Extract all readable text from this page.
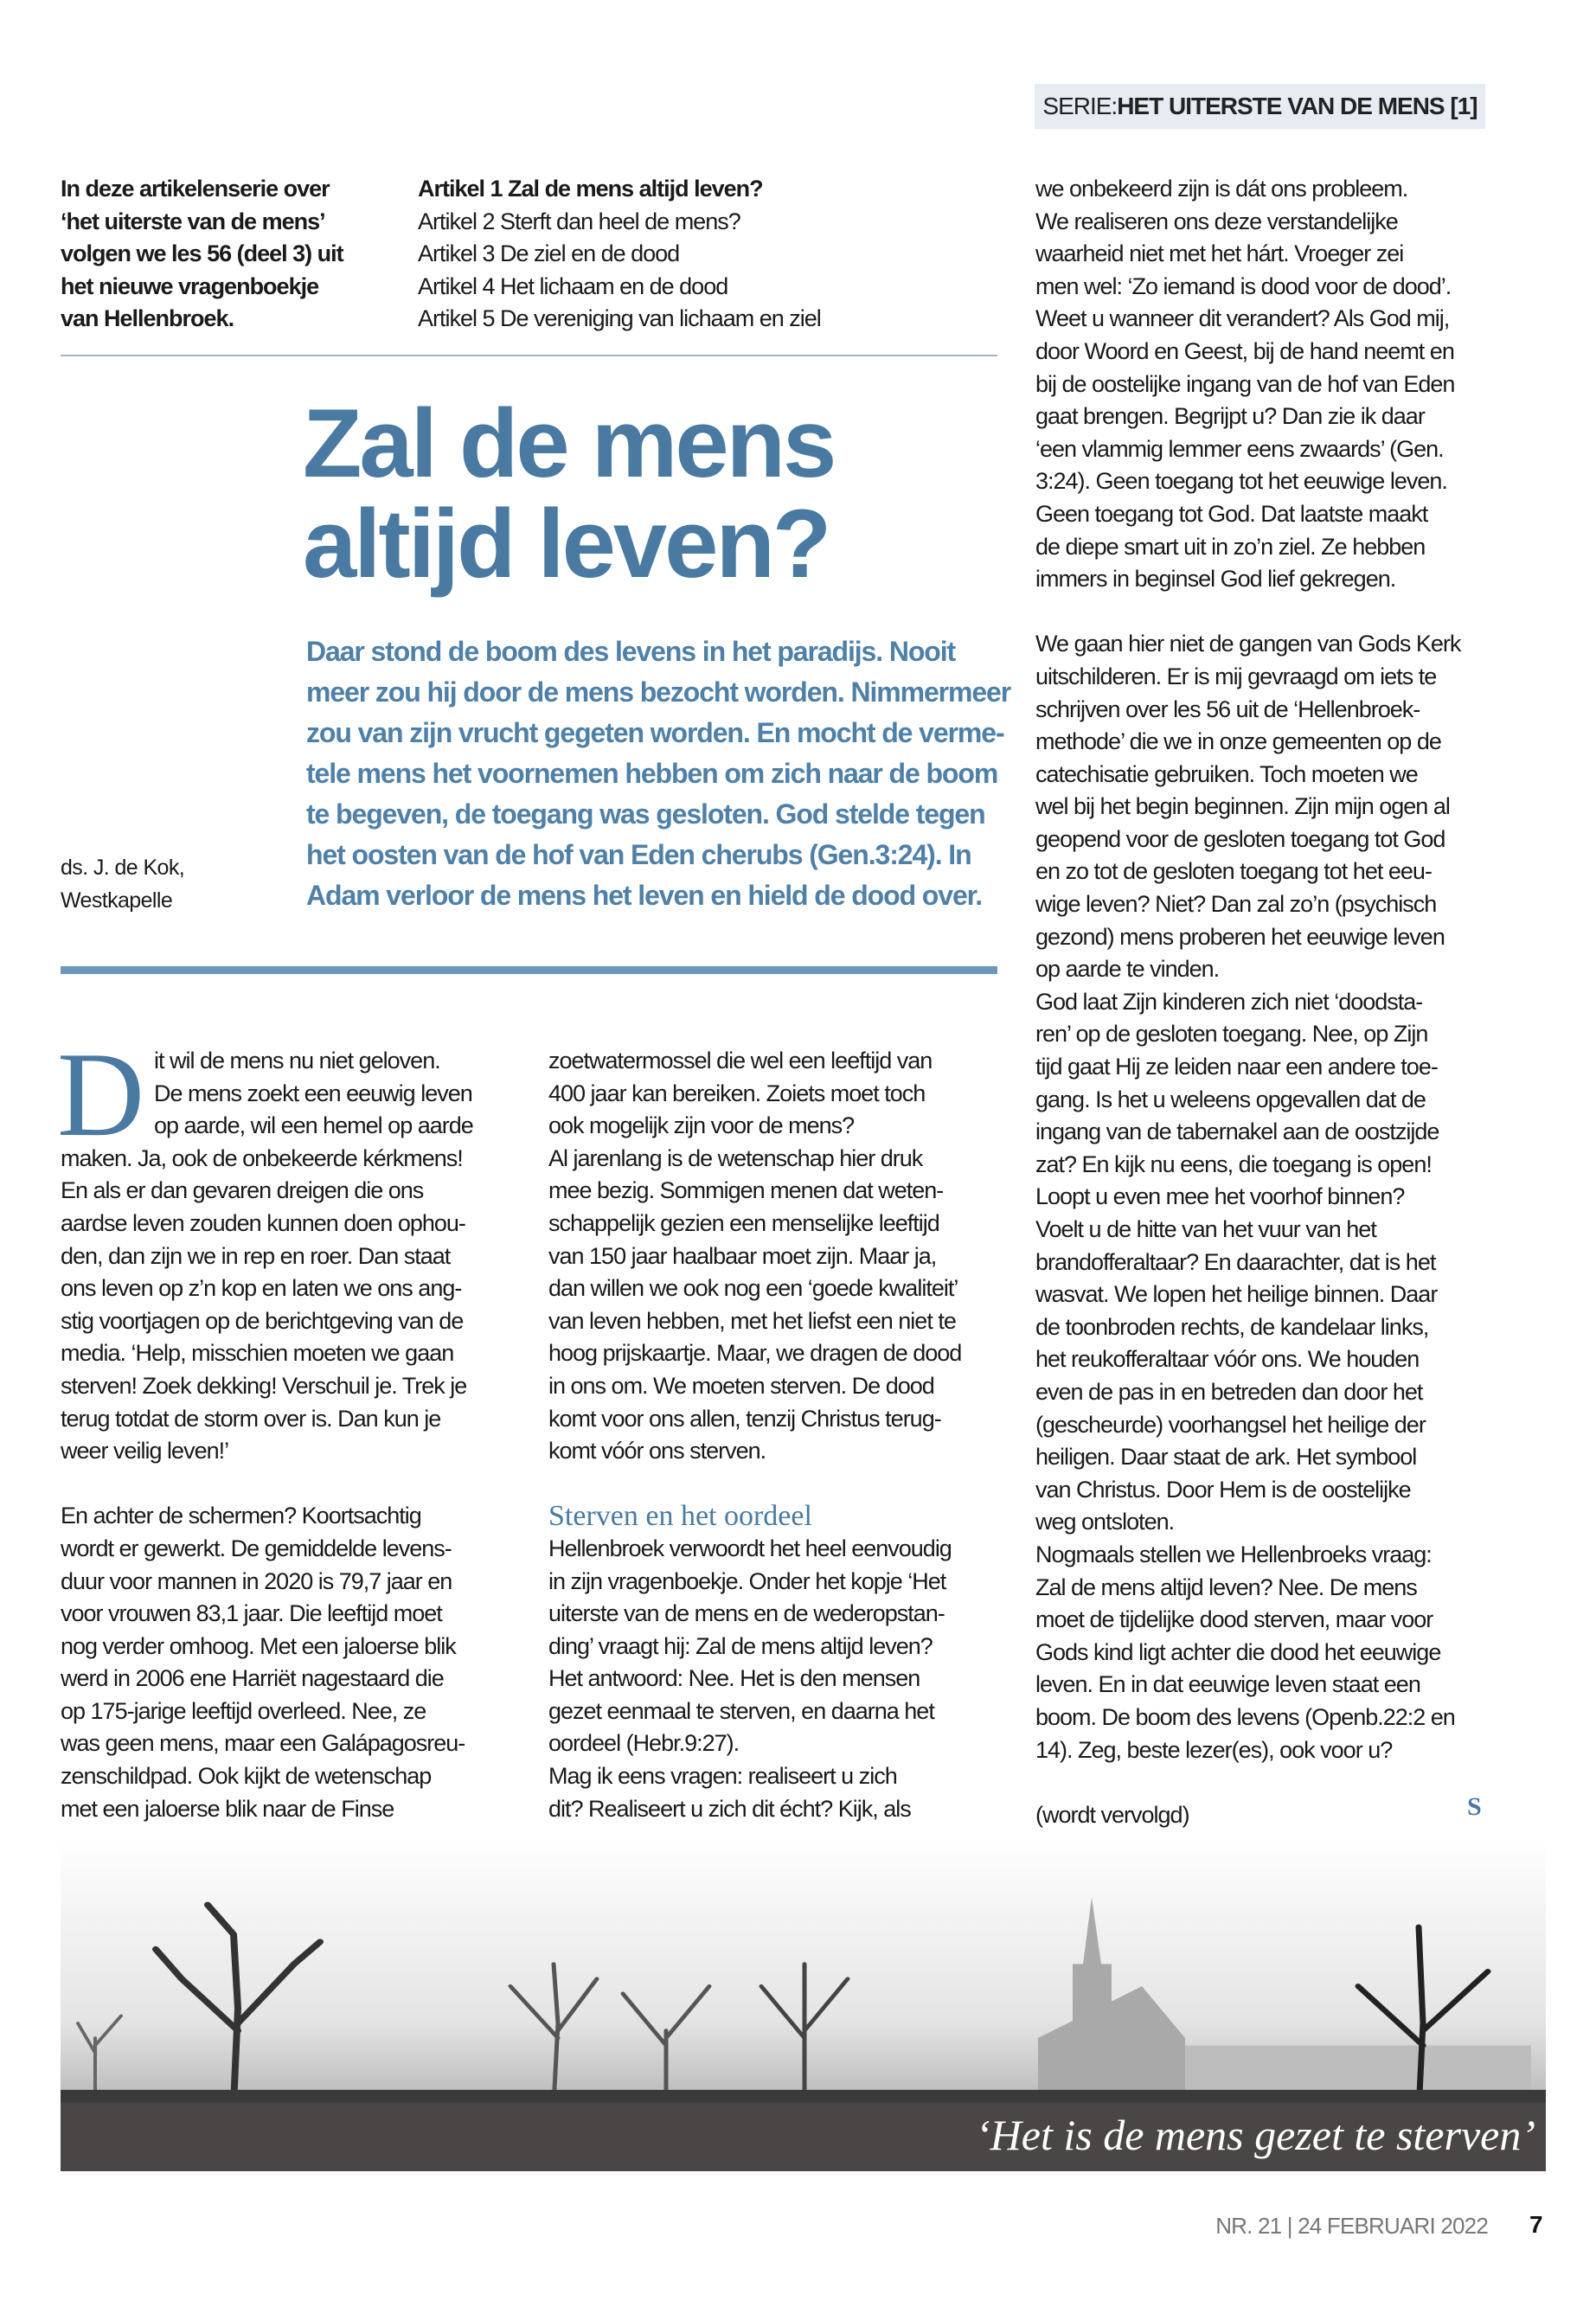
SERIE: HET UITERSTE VAN DE MENS [1]
In deze artikelenserie over
‘het uiterste van de mens’
volgen we les 56 (deel 3) uit
het nieuwe vragenboekje
van Hellenbroek.
Artikel 1 Zal de mens altijd leven?
Artikel 2 Sterft dan heel de mens?
Artikel 3 De ziel en de dood
Artikel 4 Het lichaam en de dood
Artikel 5 De vereniging van lichaam en ziel
Zal de mens
altijd leven?
Daar stond de boom des levens in het paradijs. Nooit
meer zou hij door de mens bezocht worden. Nimmermeer
zou van zijn vrucht gegeten worden. En mocht de verme-
tele mens het voornemen hebben om zich naar de boom
te begeven, de toegang was gesloten. God stelde tegen
het oosten van de hof van Eden cherubs (Gen.3:24). In
Adam verloor de mens het leven en hield de dood over.
ds. J. de Kok,
Westkapelle
‘Het is de mens gezet te sterven’
D it wil de mens nu niet geloven.
De mens zoekt een eeuwig leven
op aarde, wil een hemel op aarde
maken. Ja, ook de onbekeerde kérkmens!
En als er dan gevaren dreigen die ons
aardse leven zouden kunnen doen ophou-
den, dan zijn we in rep en roer. Dan staat
ons leven op z’n kop en laten we ons ang-
stig voortjagen op de berichtgeving van de
media. ‘Help, misschien moeten we gaan
sterven! Zoek dekking! Verschuil je. Trek je
terug totdat de storm over is. Dan kun je
weer veilig leven!’

En achter de schermen? Koortsachtig
wordt er gewerkt. De gemiddelde levens-
duur voor mannen in 2020 is 79,7 jaar en
voor vrouwen 83,1 jaar. Die leeftijd moet
nog verder omhoog. Met een jaloerse blik
werd in 2006 ene Harriët nagestaard die
op 175-jarige leeftijd overleed. Nee, ze
was geen mens, maar een Galápagosreu-
zenschildpad. Ook kijkt de wetenschap
met een jaloerse blik naar de Finse
zoetwatermossel die wel een leeftijd van
400 jaar kan bereiken. Zoiets moet toch
ook mogelijk zijn voor de mens?
Al jarenlang is de wetenschap hier druk
mee bezig. Sommigen menen dat weten-
schappelijk gezien een menselijke leeftijd
van 150 jaar haalbaar moet zijn. Maar ja,
dan willen we ook nog een ‘goede kwaliteit’
van leven hebben, met het liefst een niet te
hoog prijskaartje. Maar, we dragen de dood
in ons om. We moeten sterven. De dood
komt voor ons allen, tenzij Christus terug-
komt vóór ons sterven.

Sterven en het oordeel
Hellenbroek verwoordt het heel eenvoudig
in zijn vragenboekje. Onder het kopje ‘Het
uiterste van de mens en de wederopstan-
ding’ vraagt hij: Zal de mens altijd leven?
Het antwoord: Nee. Het is den mensen
gezet eenmaal te sterven, en daarna het
oordeel (Hebr.9:27).
Mag ik eens vragen: realiseert u zich
dit? Realiseert u zich dit écht? Kijk, als
we onbekeerd zijn is dát ons probleem.
We realiseren ons deze verstandelijke
waarheid niet met het hárt. Vroeger zei
men wel: ‘Zo iemand is dood voor de dood’.
Weet u wanneer dit verandert? Als God mij,
door Woord en Geest, bij de hand neemt en
bij de oostelijke ingang van de hof van Eden
gaat brengen. Begrijpt u? Dan zie ik daar
‘een vlammig lemmer eens zwaards’ (Gen.
3:24). Geen toegang tot het eeuwige leven.
Geen toegang tot God. Dat laatste maakt
de diepe smart uit in zo’n ziel. Ze hebben
immers in beginsel God lief gekregen.

We gaan hier niet de gangen van Gods Kerk
uitschilderen. Er is mij gevraagd om iets te
schrijven over les 56 uit de ‘Hellenbroek-
methode’ die we in onze gemeenten op de
catechisatie gebruiken. Toch moeten we
wel bij het begin beginnen. Zijn mijn ogen al
geopend voor de gesloten toegang tot God
en zo tot de gesloten toegang tot het eeu-
wige leven? Niet? Dan zal zo’n (psychisch
gezond) mens proberen het eeuwige leven
op aarde te vinden.
God laat Zijn kinderen zich niet ‘doodsta-
ren’ op de gesloten toegang. Nee, op Zijn
tijd gaat Hij ze leiden naar een andere toe-
gang. Is het u weleens opgevallen dat de
ingang van de tabernakel aan de oostzijde
zat? En kijk nu eens, die toegang is open!
Loopt u even mee het voorhof binnen?
Voelt u de hitte van het vuur van het
brandofferaltaar? En daarachter, dat is het
wasvat. We lopen het heilige binnen. Daar
de toonbroden rechts, de kandelaar links,
het reukofferaltaar vóór ons. We houden
even de pas in en betreden dan door het
(gescheurde) voorhangsel het heilige der
heiligen. Daar staat de ark. Het symbool
van Christus. Door Hem is de oostelijke
weg ontsloten.
Nogmaals stellen we Hellenbroeks vraag:
Zal de mens altijd leven? Nee. De mens
moet de tijdelijke dood sterven, maar voor
Gods kind ligt achter die dood het eeuwige
leven. En in dat eeuwige leven staat een
boom. De boom des levens (Openb.22:2 en
14). Zeg, beste lezer(es), ook voor u?

(wordt vervolgd)	S
NR. 21 | 24 FEBRUARI 2022 7
